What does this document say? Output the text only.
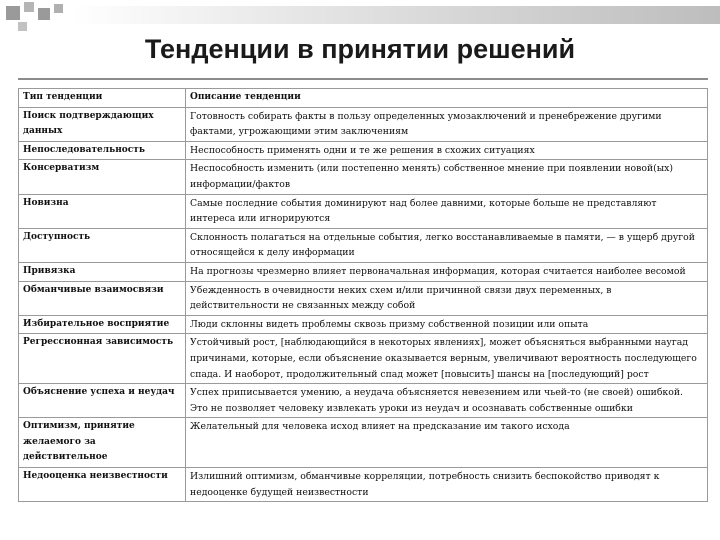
Тенденции в принятии решений
Тип тенденции	Описание тенденции
Поиск подтверждающих данных	Готовность собирать факты в пользу определенных умозаключений и пренебрежение другими фактами, угрожающими этим заключениям
Непоследовательность	Неспособность применять одни и те же решения в схожих ситуациях
Консерватизм	Неспособность изменить (или постепенно менять) собственное мнение при появлении новой(ых) информации/фактов
Новизна	Самые последние события доминируют над более давними, которые больше не представляют интереса или игнорируются
Доступность	Склонность полагаться на отдельные события, легко восстанавливаемые в памяти, — в ущерб другой относящейся к делу информации
Привязка	На прогнозы чрезмерно влияет первоначальная информация, которая считается наиболее весомой
Обманчивые взаимосвязи	Убежденность в очевидности неких схем и/или причинной связи двух переменных, в действительности не связанных между собой
Избирательное восприятие	Люди склонны видеть проблемы сквозь призму собственной позиции или опыта
Регрессионная зависимость	Устойчивый рост, [наблюдающийся в некоторых явлениях], может объясняться выбранными наугад причинами, которые, если объяснение оказывается верным, увеличивают вероятность последующего спада. И наоборот, продолжительный спад может [повысить] шансы на [последующий] рост
Объяснение успеха и неудач	Успех приписывается умению, а неудача объясняется невезением или чьей-то (не своей) ошибкой. Это не позволяет человеку извлекать уроки из неудач и осознавать собственные ошибки
Оптимизм, принятие желаемого за действительное	Желательный для человека исход влияет на предсказание им такого исхода
Недооценка неизвестности	Излишний оптимизм, обманчивые корреляции, потребность снизить беспокойство приводят к недооценке будущей неизвестности
